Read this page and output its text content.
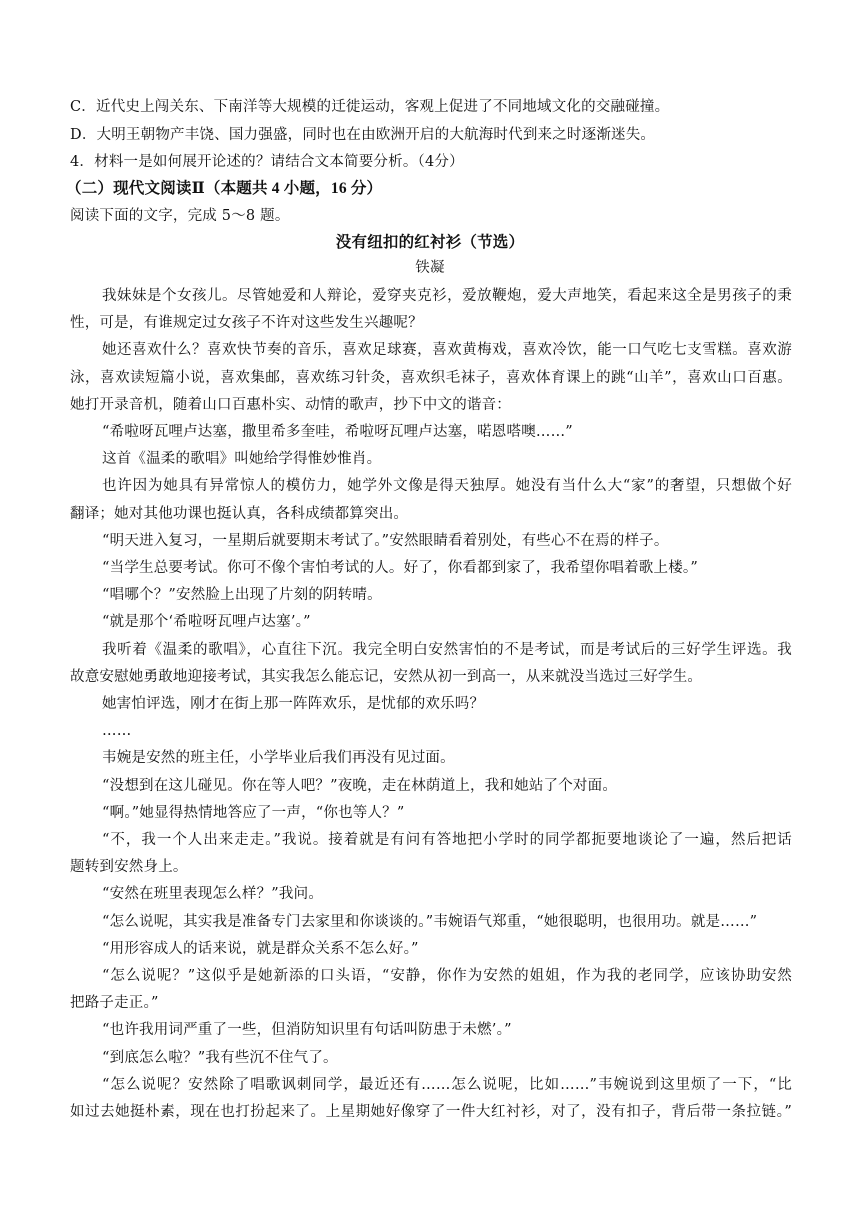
C．近代史上闯关东、下南洋等大规模的迁徙运动，客观上促进了不同地域文化的交融碰撞。
D．大明王朝物产丰饶、国力强盛，同时也在由欧洲开启的大航海时代到来之时逐渐迷失。
4．材料一是如何展开论述的？请结合文本简要分析。（4分）
（二）现代文阅读Ⅱ（本题共 4 小题，16 分）
阅读下面的文字，完成 5～8 题。
没有纽扣的红衬衫（节选）
铁凝
我妹妹是个女孩儿。尽管她爱和人辩论，爱穿夹克衫，爱放鞭炮，爱大声地笑，看起来这全是男孩子的秉
性，可是，有谁规定过女孩子不许对这些发生兴趣呢？
她还喜欢什么？喜欢快节奏的音乐，喜欢足球赛，喜欢黄梅戏，喜欢冷饮，能一口气吃七支雪糕。喜欢游
泳，喜欢读短篇小说，喜欢集邮，喜欢练习针灸，喜欢织毛袜子，喜欢体育课上的跳“山羊”，喜欢山口百惠。
她打开录音机，随着山口百惠朴实、动情的歌声，抄下中文的谐音：
“希啦呀瓦哩卢达塞，撒里希多奎哇，希啦呀瓦哩卢达塞，喏恩嗒噢……”
这首《温柔的歌唱》叫她给学得惟妙惟肖。
也许因为她具有异常惊人的模仿力，她学外文像是得天独厚。她没有当什么大“家”的奢望，只想做个好
翻译；她对其他功课也挺认真，各科成绩都算突出。
“明天进入复习，一星期后就要期末考试了。”安然眼睛看着别处，有些心不在焉的样子。
“当学生总要考试。你可不像个害怕考试的人。好了，你看都到家了，我希望你唱着歌上楼。”
“唱哪个？”安然脸上出现了片刻的阴转晴。
“就是那个‘希啦呀瓦哩卢达塞’。”
我听着《温柔的歌唱》，心直往下沉。我完全明白安然害怕的不是考试，而是考试后的三好学生评选。我
故意安慰她勇敢地迎接考试，其实我怎么能忘记，安然从初一到高一，从来就没当选过三好学生。
她害怕评选，刚才在街上那一阵阵欢乐，是忧郁的欢乐吗？
……
韦婉是安然的班主任，小学毕业后我们再没有见过面。
“没想到在这儿碰见。你在等人吧？”夜晚，走在林荫道上，我和她站了个对面。
“啊。”她显得热情地答应了一声，“你也等人？”
“不，我一个人出来走走。”我说。接着就是有问有答地把小学时的同学都扼要地谈论了一遍，然后把话
题转到安然身上。
“安然在班里表现怎么样？”我问。
“怎么说呢，其实我是准备专门去家里和你谈谈的。”韦婉语气郑重，“她很聪明，也很用功。就是……”
“用形容成人的话来说，就是群众关系不怎么好。”
“怎么说呢？”这似乎是她新添的口头语，“安静，你作为安然的姐姐，作为我的老同学，应该协助安然
把路子走正。”
“也许我用词严重了一些，但消防知识里有句话叫防患于未燃’。”
“到底怎么啦？”我有些沉不住气了。
“怎么说呢？安然除了唱歌讽刺同学，最近还有……怎么说呢，比如……”韦婉说到这里烦了一下，“比
如过去她挺朴素，现在也打扮起来了。上星期她好像穿了一件大红衬衫，对了，没有扣子，背后带一条拉链。”
